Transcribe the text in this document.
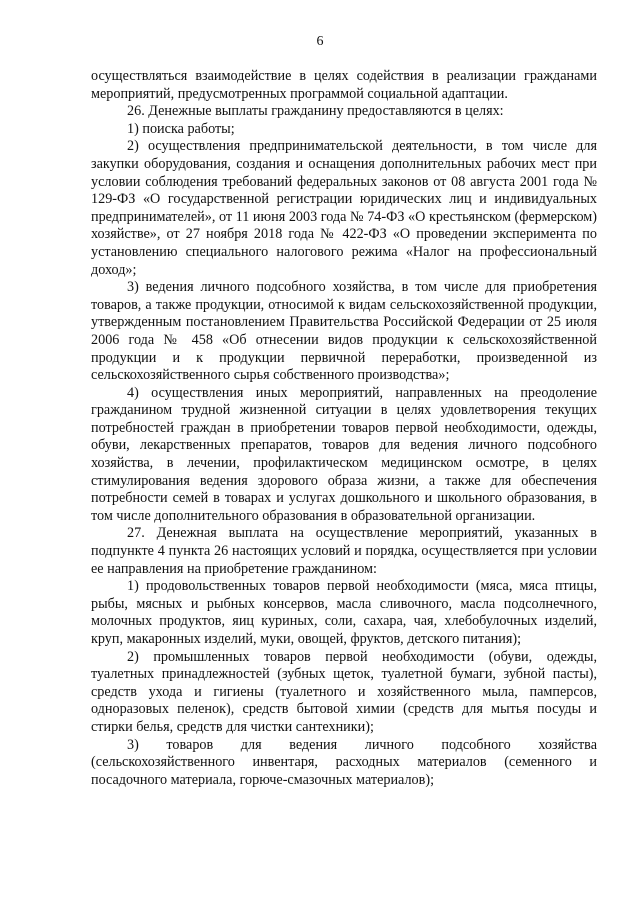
6

осуществляться взаимодействие в целях содействия в реализации гражданами мероприятий, предусмотренных программой социальной адаптации.

26. Денежные выплаты гражданину предоставляются в целях:

1) поиска работы;

2) осуществления предпринимательской деятельности, в том числе для закупки оборудования, создания и оснащения дополнительных рабочих мест при условии соблюдения требований федеральных законов от 08 августа 2001 года № 129-ФЗ «О государственной регистрации юридических лиц и индивидуальных предпринимателей», от 11 июня 2003 года № 74-ФЗ «О крестьянском (фермерском) хозяйстве», от 27 ноября 2018 года № 422-ФЗ «О проведении эксперимента по установлению специального налогового режима «Налог на профессиональный доход»;

3) ведения личного подсобного хозяйства, в том числе для приобретения товаров, а также продукции, относимой к видам сельскохозяйственной продукции, утвержденным постановлением Правительства Российской Федерации от 25 июля 2006 года № 458 «Об отнесении видов продукции к сельскохозяйственной продукции и к продукции первичной переработки, произведенной из сельскохозяйственного сырья собственного производства»;

4) осуществления иных мероприятий, направленных на преодоление гражданином трудной жизненной ситуации в целях удовлетворения текущих потребностей граждан в приобретении товаров первой необходимости, одежды, обуви, лекарственных препаратов, товаров для ведения личного подсобного хозяйства, в лечении, профилактическом медицинском осмотре, в целях стимулирования ведения здорового образа жизни, а также для обеспечения потребности семей в товарах и услугах дошкольного и школьного образования, в том числе дополнительного образования в образовательной организации.

27. Денежная выплата на осуществление мероприятий, указанных в подпункте 4 пункта 26 настоящих условий и порядка, осуществляется при условии ее направления на приобретение гражданином:

1) продовольственных товаров первой необходимости (мяса, мяса птицы, рыбы, мясных и рыбных консервов, масла сливочного, масла подсолнечного, молочных продуктов, яиц куриных, соли, сахара, чая, хлебобулочных изделий, круп, макаронных изделий, муки, овощей, фруктов, детского питания);

2) промышленных товаров первой необходимости (обуви, одежды, туалетных принадлежностей (зубных щеток, туалетной бумаги, зубной пасты), средств ухода и гигиены (туалетного и хозяйственного мыла, памперсов, одноразовых пеленок), средств бытовой химии (средств для мытья посуды и стирки белья, средств для чистки сантехники);

3) товаров для ведения личного подсобного хозяйства (сельскохозяйственного инвентаря, расходных материалов (семенного и посадочного материала, горюче-смазочных материалов);
